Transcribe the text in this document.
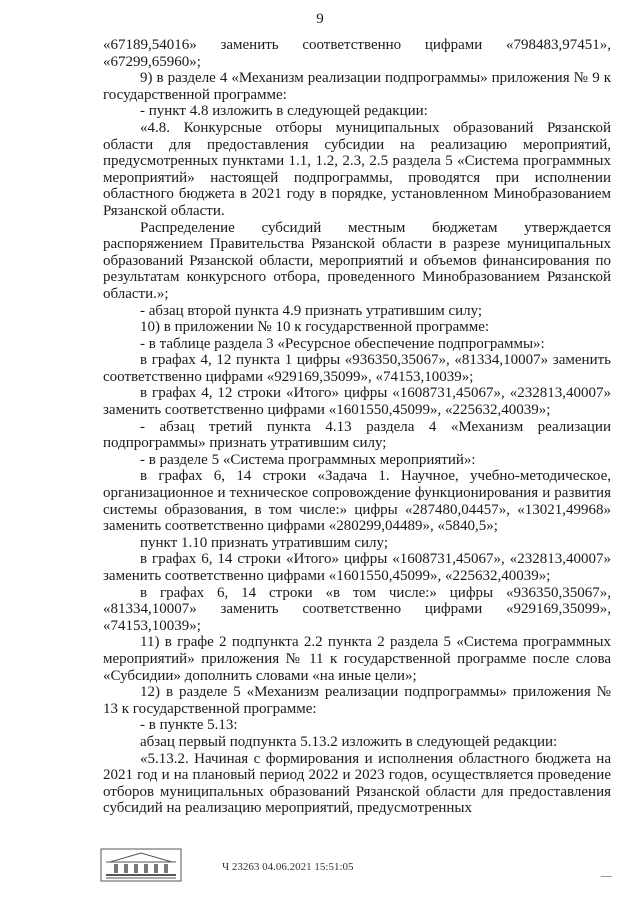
9

«67189,54016» заменить соответственно цифрами «798483,97451», «67299,65960»;

9) в разделе 4 «Механизм реализации подпрограммы» приложения № 9 к государственной программе:

- пункт 4.8 изложить в следующей редакции:

«4.8. Конкурсные отборы муниципальных образований Рязанской области для предоставления субсидии на реализацию мероприятий, предусмотренных пунктами 1.1, 1.2, 2.3, 2.5 раздела 5 «Система программных мероприятий» настоящей подпрограммы, проводятся при исполнении областного бюджета в 2021 году в порядке, установленном Минобразованием Рязанской области.

Распределение субсидий местным бюджетам утверждается распоряжением Правительства Рязанской области в разрезе муниципальных образований Рязанской области, мероприятий и объемов финансирования по результатам конкурсного отбора, проведенного Минобразованием Рязанской области.»;

- абзац второй пункта 4.9 признать утратившим силу;

10) в приложении № 10 к государственной программе:

- в таблице раздела 3 «Ресурсное обеспечение подпрограммы»:

в графах 4, 12 пункта 1 цифры «936350,35067», «81334,10007» заменить соответственно цифрами «929169,35099», «74153,10039»;

в графах 4, 12 строки «Итого» цифры «1608731,45067», «232813,40007» заменить соответственно цифрами «1601550,45099», «225632,40039»;

- абзац третий пункта 4.13 раздела 4 «Механизм реализации подпрограммы» признать утратившим силу;

- в разделе 5 «Система программных мероприятий»:

в графах 6, 14 строки «Задача 1. Научное, учебно-методическое, организационное и техническое сопровождение функционирования и развития системы образования, в том числе:» цифры «287480,04457», «13021,49968» заменить соответственно цифрами «280299,04489», «5840,5»;

пункт 1.10 признать утратившим силу;

в графах 6, 14 строки «Итого» цифры «1608731,45067», «232813,40007» заменить соответственно цифрами «1601550,45099», «225632,40039»;

в графах 6, 14 строки «в том числе:» цифры «936350,35067», «81334,10007» заменить соответственно цифрами «929169,35099», «74153,10039»;

11) в графе 2 подпункта 2.2 пункта 2 раздела 5 «Система программных мероприятий» приложения № 11 к государственной программе после слова «Субсидии» дополнить словами «на иные цели»;

12) в разделе 5 «Механизм реализации подпрограммы» приложения № 13 к государственной программе:

- в пункте 5.13:

абзац первый подпункта 5.13.2 изложить в следующей редакции:

«5.13.2. Начиная с формирования и исполнения областного бюджета на 2021 год и на плановый период 2022 и 2023 годов, осуществляется проведение отборов муниципальных образований Рязанской области для предоставления субсидий на реализацию мероприятий, предусмотренных

Ч 23263 04.06.2021 15:51:05
—
